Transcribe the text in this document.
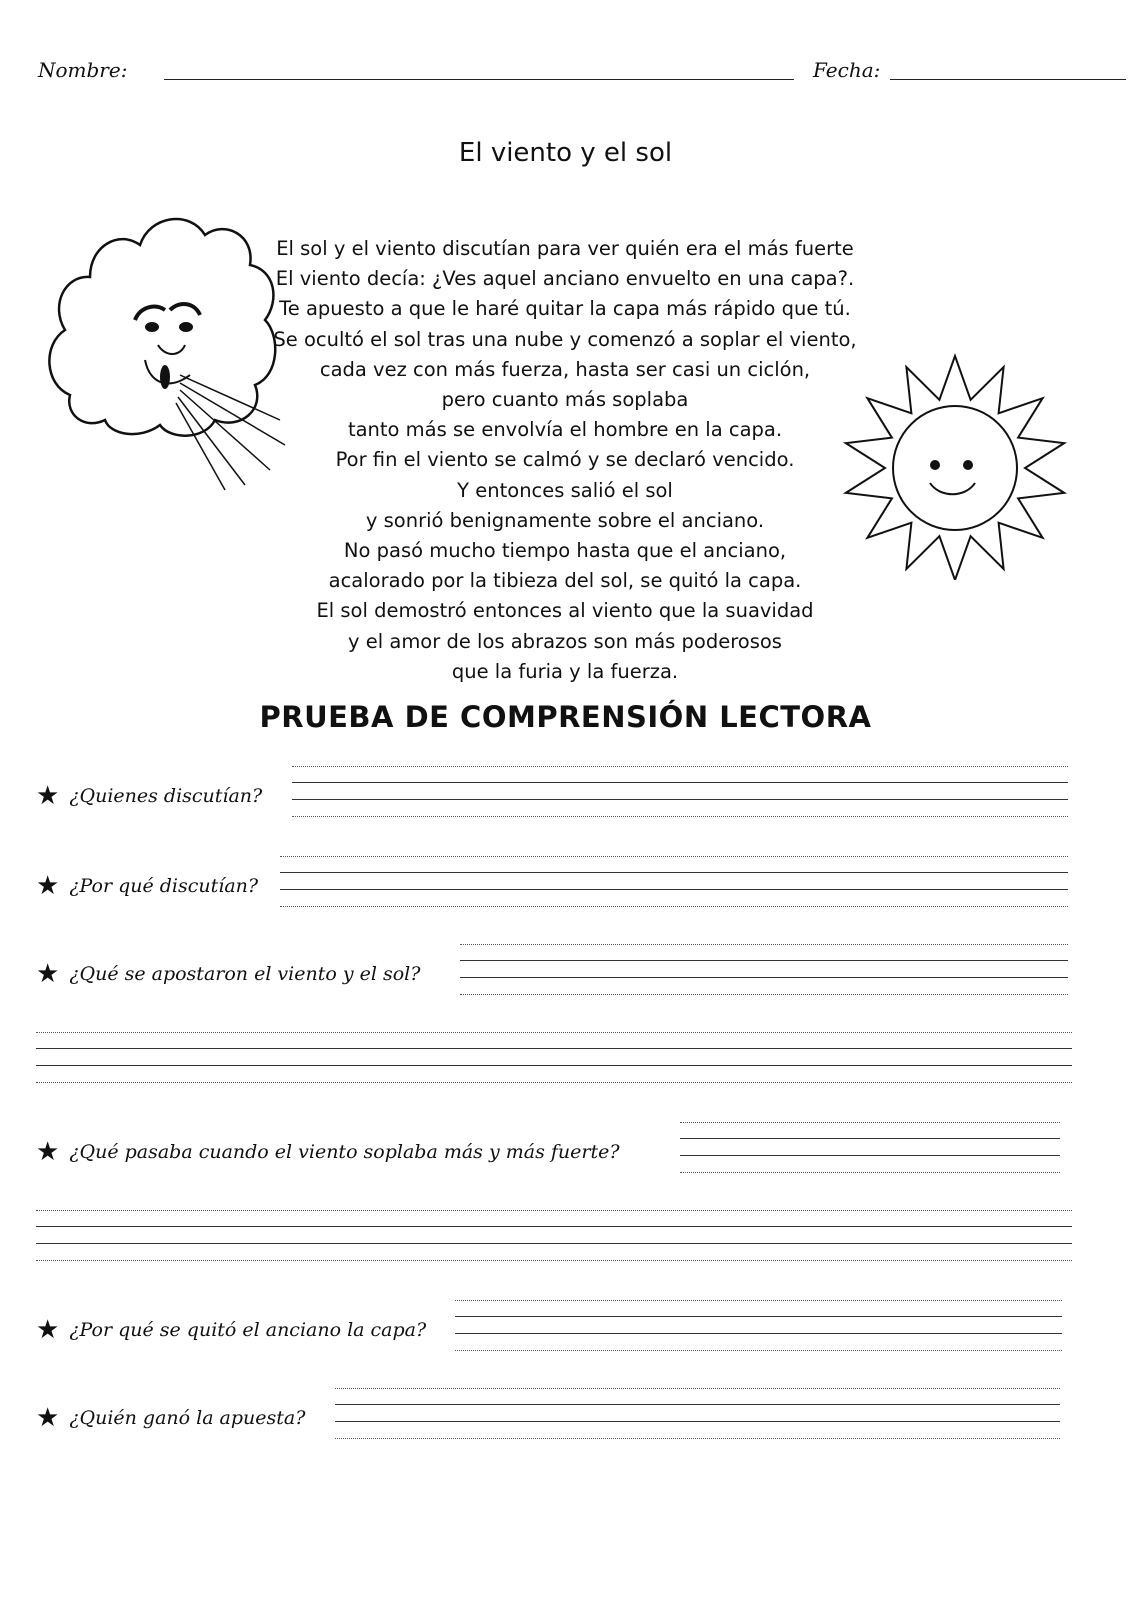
Nombre:	Fecha:
El viento y el sol
El sol y el viento discutían para ver quién era el más fuerte
El viento decía: ¿Ves aquel anciano envuelto en una capa?.
Te apuesto a que le haré quitar la capa más rápido que tú.
Se ocultó el sol tras una nube y comenzó a soplar el viento,
cada vez con más fuerza, hasta ser casi un ciclón,
pero cuanto más soplaba
tanto más se envolvía el hombre en la capa.
Por fin el viento se calmó y se declaró vencido.
Y entonces salió el sol
y sonrió benignamente sobre el anciano.
No pasó mucho tiempo hasta que el anciano,
acalorado por la tibieza del sol, se quitó la capa.
El sol demostró entonces al viento que la suavidad
y el amor de los abrazos son más poderosos
que la furia y la fuerza.
PRUEBA DE COMPRENSIÓN LECTORA
★ ¿Quienes discutían?
★ ¿Por qué discutían?
★ ¿Qué se apostaron el viento y el sol?
★ ¿Qué pasaba cuando el viento soplaba más y más fuerte?
★ ¿Por qué se quitó el anciano la capa?
★ ¿Quién ganó la apuesta?
